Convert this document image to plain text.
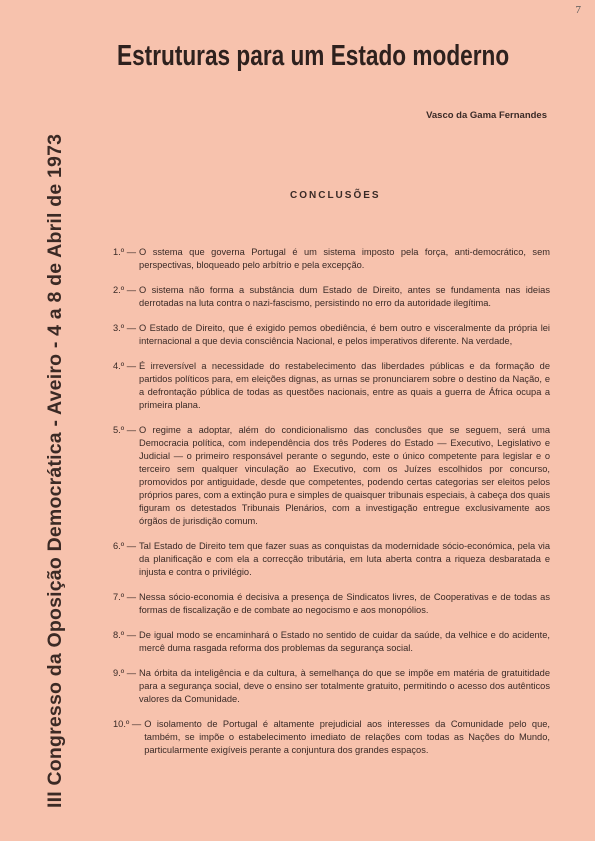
7
III Congresso da Oposição Democrática - Aveiro - 4 a 8 de Abril de 1973
Estruturas para um Estado moderno
Vasco da Gama Fernandes
CONCLUSÕES
1.º — O sstema que governa Portugal é um sistema imposto pela força, anti-democrático, sem perspectivas, bloqueado pelo arbítrio e pela excepção.
2.º — O sistema não forma a substância dum Estado de Direito, antes se fundamenta nas ideias derrotadas na luta contra o nazi-fascismo, persistindo no erro da autoridade ilegítima.
3.º — O Estado de Direito, que é exigido pemos obediência, é bem outro e visceralmente da própria lei internacional a que devia consciência Nacional, e pelos imperativos diferente. Na verdade,
4.º — É irreversível a necessidade do restabelecimento das liberdades públicas e da formação de partidos políticos para, em eleições dignas, as urnas se pronunciarem sobre o destino da Nação, e a defrontação pública de todas as questões nacionais, entre as quais a guerra de África ocupa a primeira plana.
5.º — O regime a adoptar, além do condicionalismo das conclusões que se seguem, será uma Democracia política, com independência dos três Poderes do Estado — Executivo, Legislativo e Judicial — o primeiro responsável perante o segundo, este o único competente para legislar e o terceiro sem qualquer vinculação ao Executivo, com os Juízes escolhidos por concurso, promovidos por antiguidade, desde que competentes, podendo certas categorias ser eleitos pelos próprios pares, com a extinção pura e simples de quaisquer tribunais especiais, à cabeça dos quais figuram os detestados Tribunais Plenários, com a investigação entregue exclusivamente aos órgãos de jurisdição comum.
6.º — Tal Estado de Direito tem que fazer suas as conquistas da modernidade sócio-económica, pela via da planificação e com ela a correcção tributária, em luta aberta contra a riqueza desbaratada e injusta e contra o privilégio.
7.º — Nessa sócio-economia é decisiva a presença de Sindicatos livres, de Cooperativas e de todas as formas de fiscalização e de combate ao negocismo e aos monopólios.
8.º — De igual modo se encaminhará o Estado no sentido de cuidar da saúde, da velhice e do acidente, mercê duma rasgada reforma dos problemas da segurança social.
9.º — Na órbita da inteligência e da cultura, à semelhança do que se impõe em matéria de gratuitidade para a segurança social, deve o ensino ser totalmente gratuito, permitindo o acesso dos autênticos valores da Comunidade.
10.º — O isolamento de Portugal é altamente prejudicial aos interesses da Comunidade pelo que, também, se impõe o estabelecimento imediato de relações com todas as Nações do Mundo, particularmente exigíveis perante a conjuntura dos grandes espaços.
